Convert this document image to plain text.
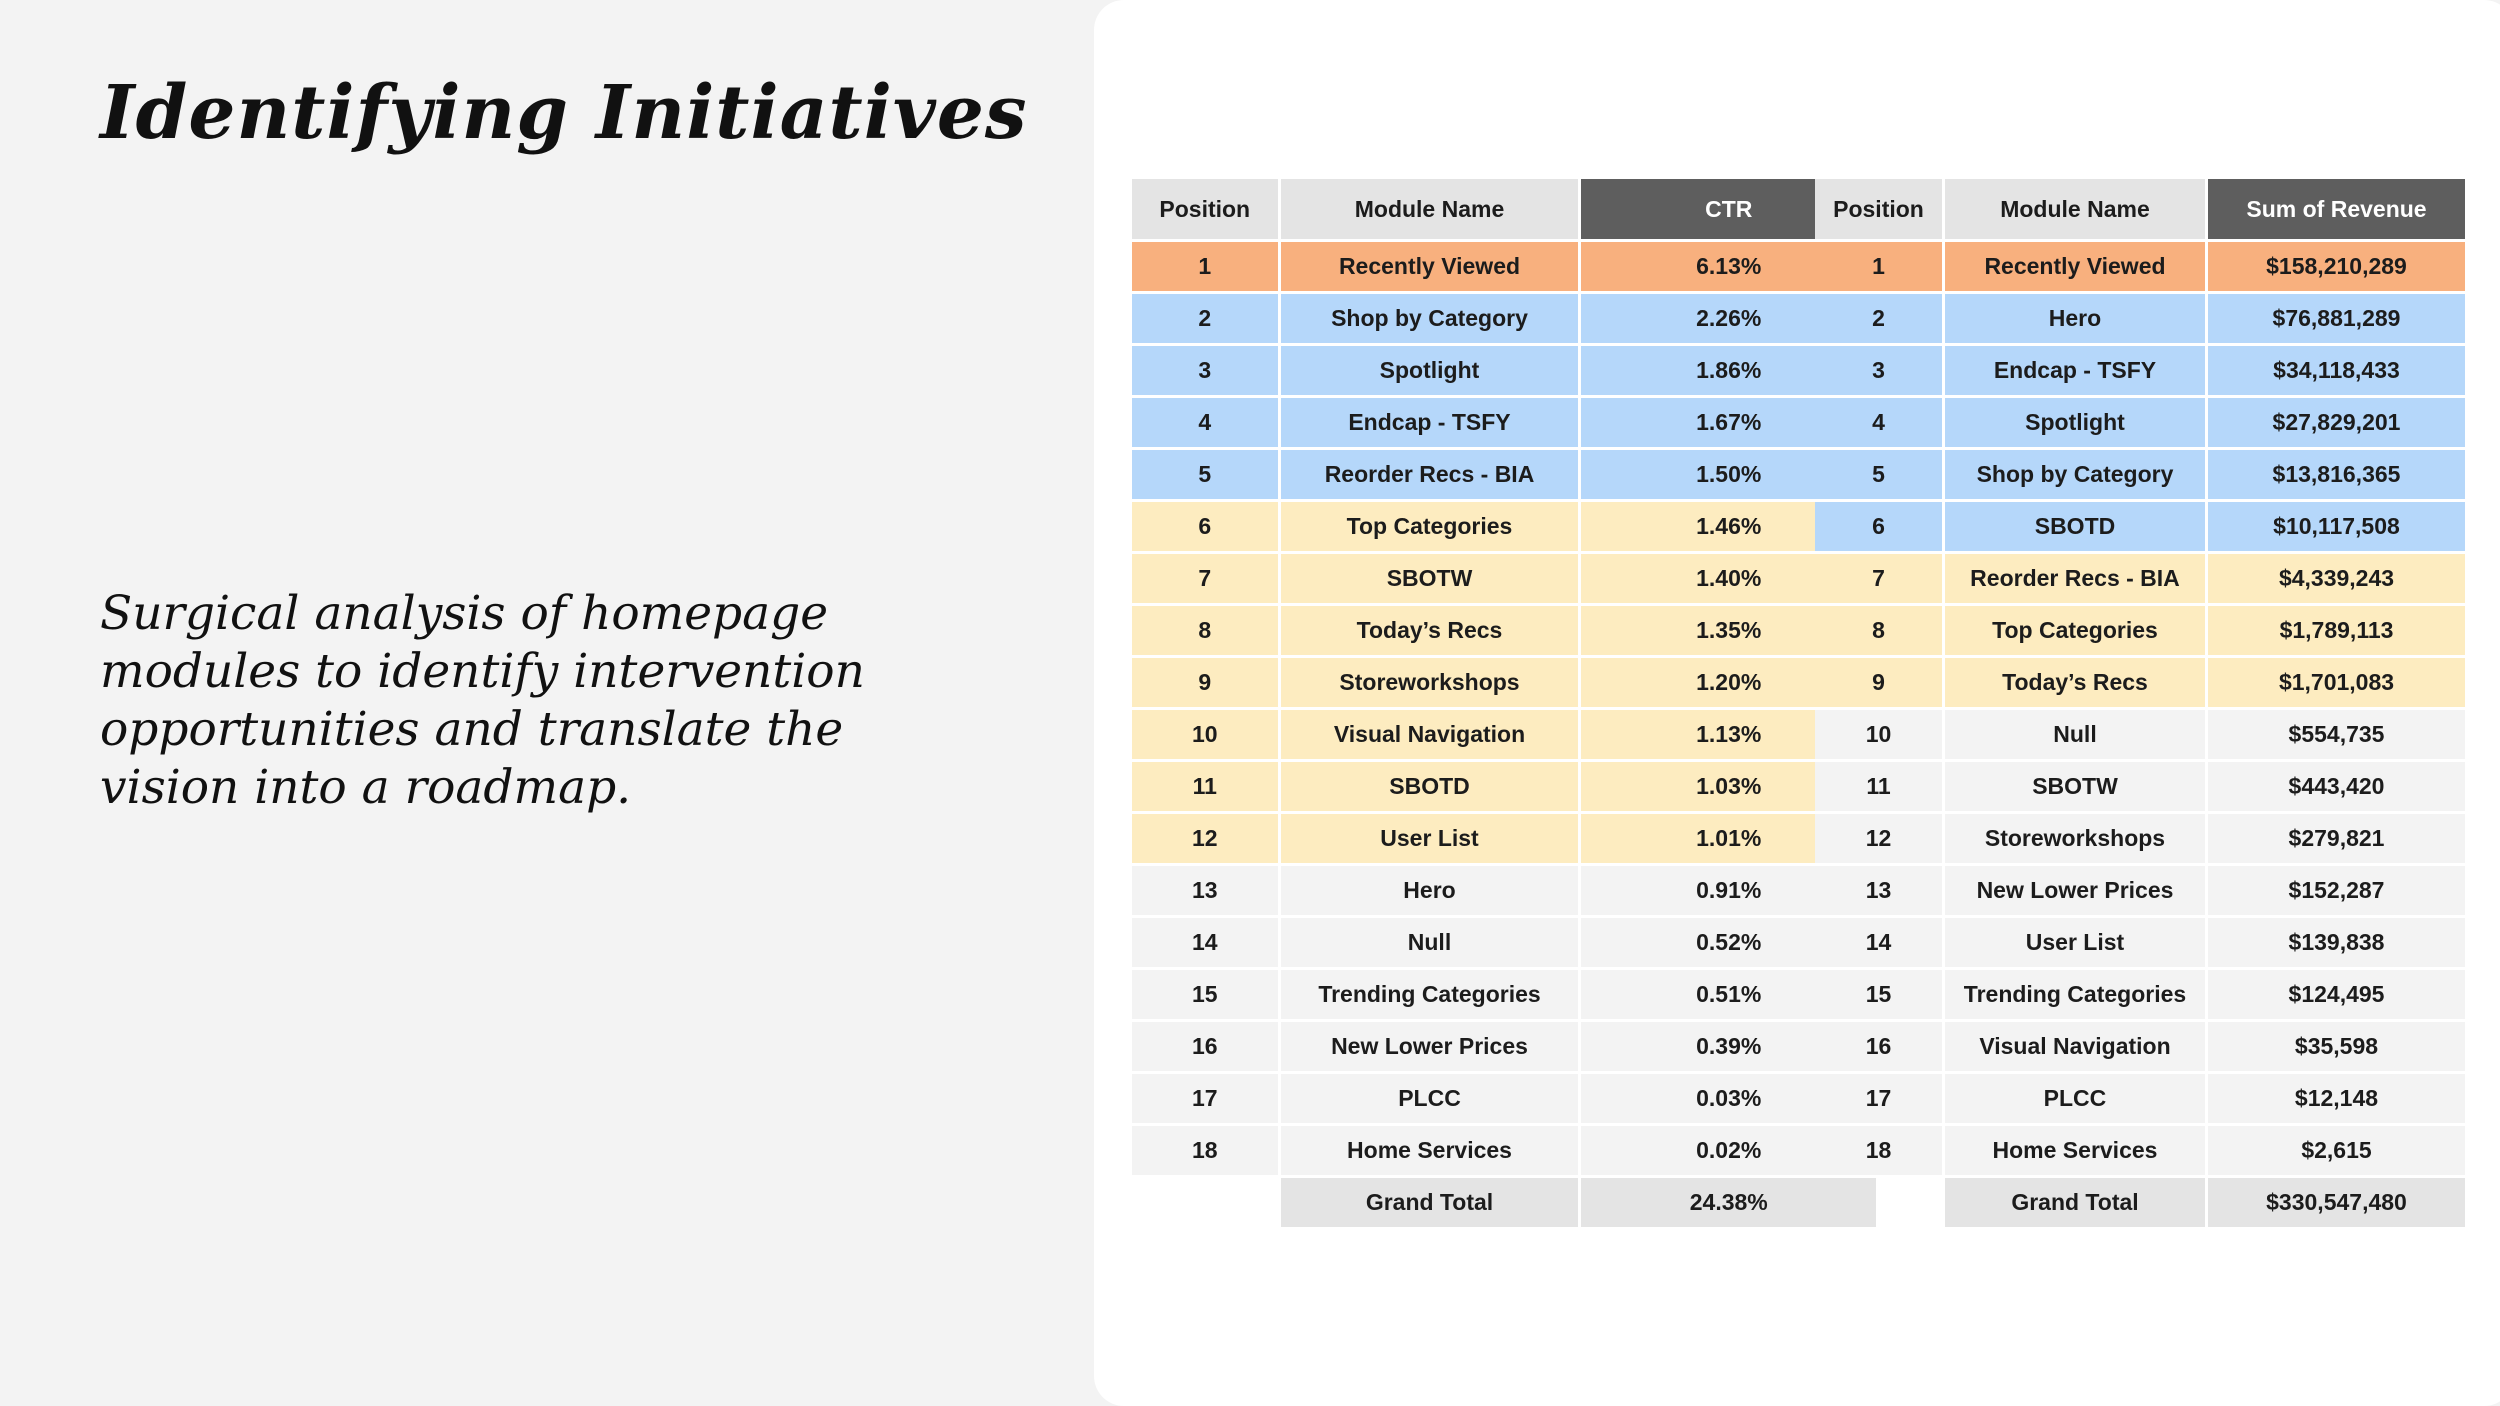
Identifying Initiatives

Surgical analysis of homepage modules to identify intervention opportunities and translate the vision into a roadmap.

Position	Module Name	CTR
1	Recently Viewed	6.13%
2	Shop by Category	2.26%
3	Spotlight	1.86%
4	Endcap - TSFY	1.67%
5	Reorder Recs - BIA	1.50%
6	Top Categories	1.46%
7	SBOTW	1.40%
8	Today’s Recs	1.35%
9	Storeworkshops	1.20%
10	Visual Navigation	1.13%
11	SBOTD	1.03%
12	User List	1.01%
13	Hero	0.91%
14	Null	0.52%
15	Trending Categories	0.51%
16	New Lower Prices	0.39%
17	PLCC	0.03%
18	Home Services	0.02%
	Grand Total	24.38%
Position	Module Name	Sum of Revenue
1	Recently Viewed	$158,210,289
2	Hero	$76,881,289
3	Endcap - TSFY	$34,118,433
4	Spotlight	$27,829,201
5	Shop by Category	$13,816,365
6	SBOTD	$10,117,508
7	Reorder Recs - BIA	$4,339,243
8	Top Categories	$1,789,113
9	Today’s Recs	$1,701,083
10	Null	$554,735
11	SBOTW	$443,420
12	Storeworkshops	$279,821
13	New Lower Prices	$152,287
14	User List	$139,838
15	Trending Categories	$124,495
16	Visual Navigation	$35,598
17	PLCC	$12,148
18	Home Services	$2,615
	Grand Total	$330,547,480
